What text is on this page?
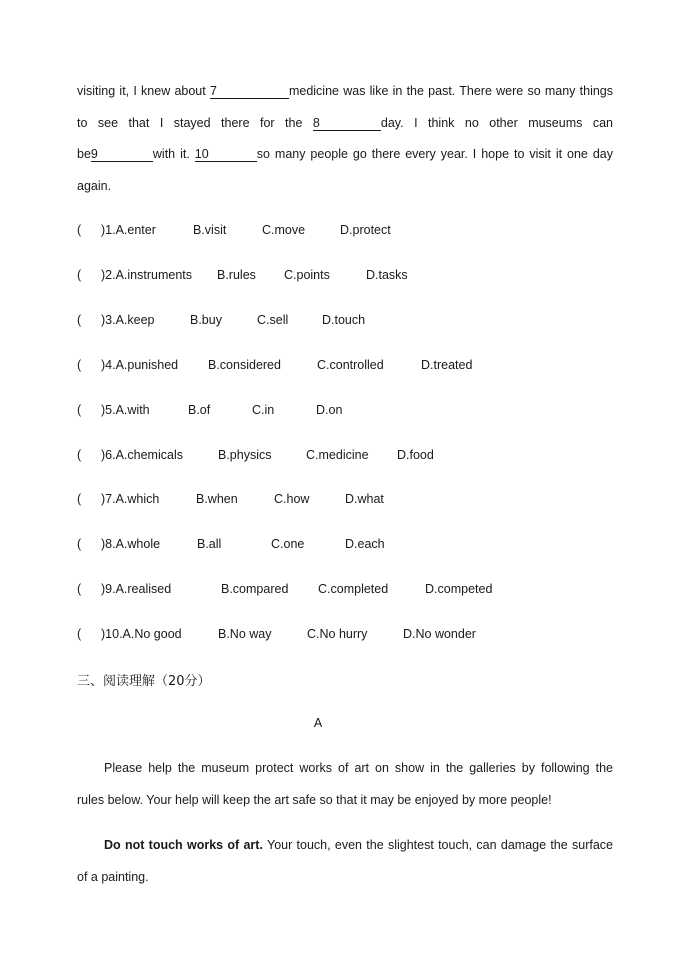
visiting it, I knew about 7	medicine was like in the past. There were so many things
to see that I stayed there for the 8	day. I think no other museums can
be9	with it. 10	so many people go there every year. I hope to visit it one day
again.
( )1.A.enter	B.visit	C.move	D.protect
( )2.A.instruments B.rules C.points	D.tasks
( )3.A.keep	B.buy	C.sell	D.touch
( )4.A.punished B.considered	C.controlled	D.treated
( )5.A.with	B.of	C.in	D.on
( )6.A.chemicals	B.physics	C.medicine D.food
( )7.A.which	B.when	C.how	D.what
( )8.A.whole	B.all	C.one	D.each
( )9.A.realised	B.compared C.completed	D.competed
( )10.A.No good	B.No way	C.No hurry	D.No wonder
三、阅读理解（20分）
A
Please help the museum protect works of art on show in the galleries by following the
rules below. Your help will keep the art safe so that it may be enjoyed by more people!
Do not touch works of art. Your touch, even the slightest touch, can damage the surface
of a painting.
